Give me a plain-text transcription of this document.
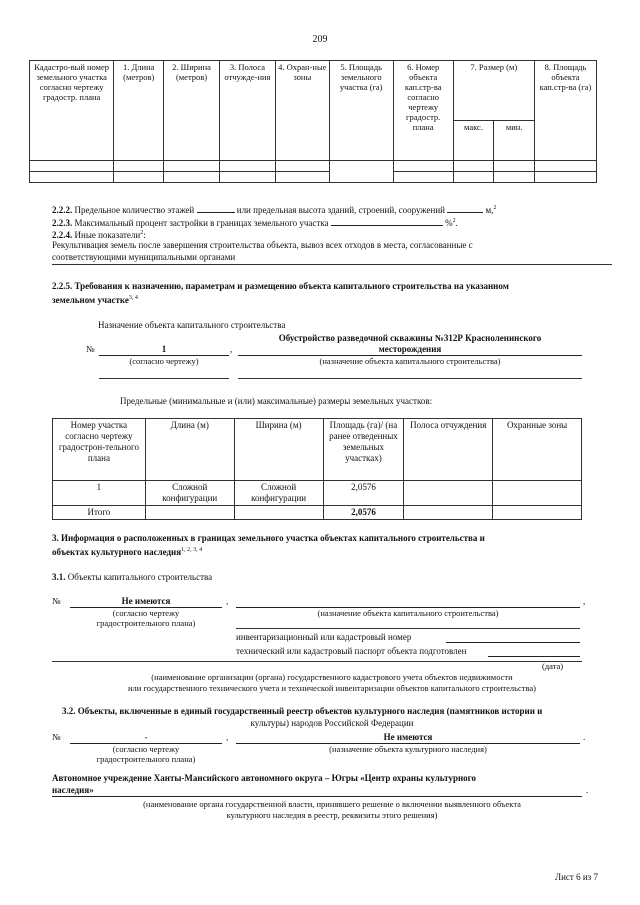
209
Кадастро-вый номер земельного участка согласно чертежу градостр. плана	1. Длина (метров)	2. Ширина (метров)	3. Полоса отчужде-ния	4. Охран-ные зоны	5. Площадь земельного участка (га)	6. Номер объекта кап.стр-ва согласно чертежу градостр. плана	7. Размер (м)		8. Площадь объекта кап.стр-ва (га)
							макс.	мин.	

2.2.2. Предельное количество этажей	или предельная высота зданий, строений, сооружений	м,$^2$
2.2.3. Максимальный процент застройки в границах земельного участка	%$^2$.
2.2.4. Иные показатели$^2$:
Рекультивация земель после завершения строительства объекта, вывоз всех отходов в места, согласованные с
соответствующими муниципальными органами
2.2.5. Требования к назначению, параметрам и размещению объекта капитального строительства на указанном
земельном участке$^{3, 4}$
Назначение объекта капитального строительства
№	1	,
Обустройство разведочной скважины №312Р Красноленинского
месторождения
(согласно чертежу)	(назначение объекта капитального строительства)
Предельные (минимальные и (или) максимальные) размеры земельных участков:
Номер участка согласно чертежу градострон-тельного плана	Длина (м)	Ширина (м)	Площадь (га)/ (на ранее отведенных земельных участках)	Полоса отчуждения	Охранные зоны
1	Сложной конфигурации	Сложной конфигурации	2,0576		
Итого			2,0576		
3. Информация о расположенных в границах земельного участка объектах капитального строительства и
объектах культурного наследия$^{1, 2, 3, 4}$
3.1. Объекты капитального строительства
№	Не имеются	,	,
(согласно чертежу
градостроительного плана)
(назначение объекта капитального строительства)
инвентаризационный или кадастровый номер
технический или кадастровый паспорт объекта подготовлен
(дата)
(наименование организации (органа) государственного кадастрового учета объектов недвижимости
или государственного технического учета и технической инвентаризации объектов капитального строительства)
3.2. Объекты, включенные в единый государственный реестр объектов культурного наследия (памятников истории и
культуры) народов Российской Федерации
№	-	,	Не имеются	.
(согласно чертежу
градостроительного плана)
(назначение объекта культурного наследия)
Автономное учреждение Ханты-Мансийского автономного округа – Югры «Центр охраны культурного
наследия»	.
(наименование органа государственной власти, принявшего решение о включении выявленного объекта
культурного наследия в реестр, реквизиты этого решения)
Лист 6 из 7
